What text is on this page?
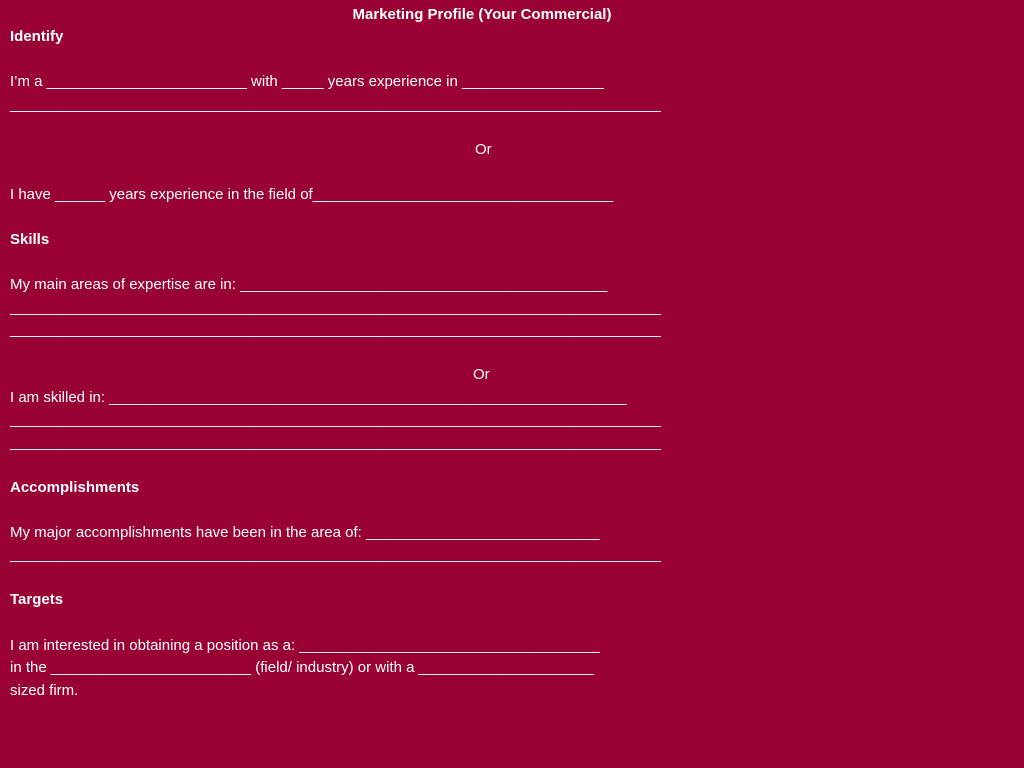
Marketing Profile (Your Commercial)
Identify
I’m a ________________________ with _____ years experience in _________________
______________________________________________________________________________
Or
I have ______ years experience in the field of____________________________________
Skills
My main areas of expertise are in: ____________________________________________
______________________________________________________________________________
______________________________________________________________________________
Or
I am skilled in: ______________________________________________________________
______________________________________________________________________________
______________________________________________________________________________
Accomplishments
My major accomplishments have been in the area of: ____________________________
______________________________________________________________________________
Targets
I am interested in obtaining a position as a: ____________________________________
in the ________________________ (field/ industry) or with a _____________________
sized firm.
